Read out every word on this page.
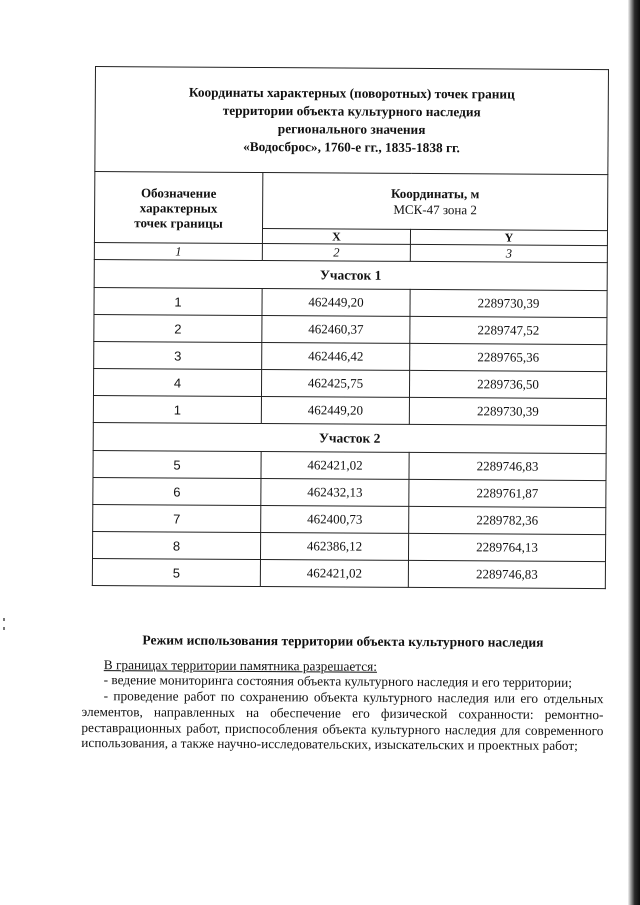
Координаты характерных (поворотных) точек границ
территории объекта культурного наследия
регионального значения
«Водосброс», 1760-е гг., 1835-1838 гг.		

Обозначение
характерных
точек границы	Координаты, м
МСК-47 зона 2	

	X	Y
1	2	3
Участок 1		
1	462449,20	2289730,39
2	462460,37	2289747,52
3	462446,42	2289765,36
4	462425,75	2289736,50
1	462449,20	2289730,39
Участок 2		
5	462421,02	2289746,83
6	462432,13	2289761,87
7	462400,73	2289782,36
8	462386,12	2289764,13
5	462421,02	2289746,83
Режим использования территории объекта культурного наследия
В границах территории памятника разрешается:
- ведение мониторинга состояния объекта культурного наследия и его территории;
- проведение работ по сохранению объекта культурного наследия или его отдельных элементов, направленных на обеспечение его физической сохранности: ремонтно-реставрационных работ, приспособления объекта культурного наследия для современного использования, а также научно-исследовательских, изыскательских и проектных работ;
